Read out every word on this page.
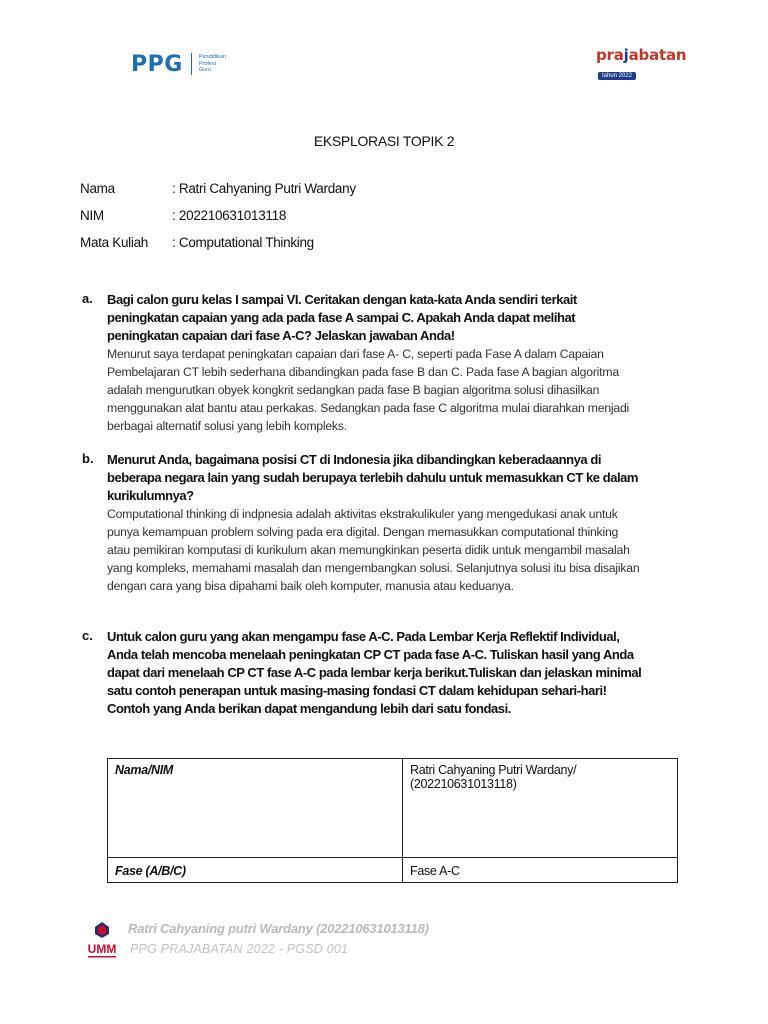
PPG	Pendidikan
Profesi
Guru
prajabatan
tahun 2022
EKSPLORASI TOPIK 2
Nama	: Ratri Cahyaning Putri Wardany
NIM	: 202210631013118
Mata Kuliah : Computational Thinking
a. Bagi calon guru kelas I sampai VI. Ceritakan dengan kata-kata Anda sendiri terkait peningkatan capaian yang ada pada fase A sampai C. Apakah Anda dapat melihat peningkatan capaian dari fase A-C? Jelaskan jawaban Anda!
Menurut saya terdapat peningkatan capaian dari fase A- C, seperti pada Fase A dalam Capaian Pembelajaran CT lebih sederhana dibandingkan pada fase B dan C. Pada fase A bagian algoritma adalah mengurutkan obyek kongkrit sedangkan pada fase B bagian algoritma solusi dihasilkan menggunakan alat bantu atau perkakas. Sedangkan pada fase C algoritma mulai diarahkan menjadi berbagai alternatif solusi yang lebih kompleks.
b. Menurut Anda, bagaimana posisi CT di Indonesia jika dibandingkan keberadaannya di beberapa negara lain yang sudah berupaya terlebih dahulu untuk memasukkan CT ke dalam kurikulumnya?
Computational thinking di indpnesia adalah aktivitas ekstrakulikuler yang mengedukasi anak untuk punya kemampuan problem solving pada era digital. Dengan memasukkan computational thinking atau pemikiran komputasi di kurikulum akan memungkinkan peserta didik untuk mengambil masalah yang kompleks, memahami masalah dan mengembangkan solusi. Selanjutnya solusi itu bisa disajikan dengan cara yang bisa dipahami baik oleh komputer, manusia atau keduanya.
c. Untuk calon guru yang akan mengampu fase A-C. Pada Lembar Kerja Reflektif Individual, Anda telah mencoba menelaah peningkatan CP CT pada fase A-C. Tuliskan hasil yang Anda dapat dari menelaah CP CT fase A-C pada lembar kerja berikut.Tuliskan dan jelaskan minimal satu contoh penerapan untuk masing-masing fondasi CT dalam kehidupan sehari-hari! Contoh yang Anda berikan dapat mengandung lebih dari satu fondasi.
Nama/NIM	Ratri Cahyaning Putri Wardany/ (202210631013118)
Fase (A/B/C)	Fase A-C
UMM
Ratri Cahyaning putri Wardany (202210631013118)
PPG PRAJABATAN 2022 - PGSD 001
